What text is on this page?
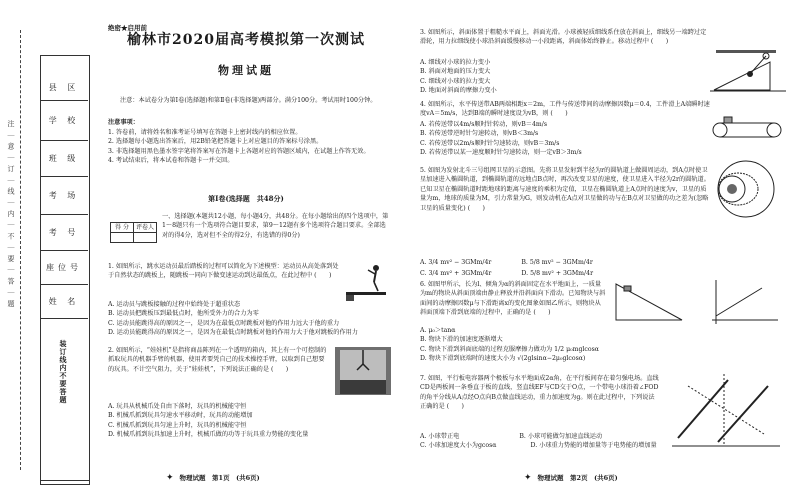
注 ｜ 意 ｜ 订 ｜ 线 ｜ 内 ｜ 不 ｜ 要 ｜ 答 ｜ 题
县 区
学 校
班 级
考 场
考 号
座位号
姓 名
装订线内不要答题
绝密★启用前
榆林市2020届高考模拟第一次测试
物理试题
注意：本试卷分为第Ⅰ卷(选择题)和第Ⅱ卷(非选择题)两部分。满分100分。考试用时100分钟。
注意事项：
1. 答卷前，请将姓名和准考证号填写在答题卡上密封线内的相应位置。
2. 选择题每小题选出答案后，用2B铅笔把答题卡上对应题目的答案标号涂黑。
3. 非选择题用黑色墨水签字笔将答案写在答题卡上各题对应的答题区域内，在试题上作答无效。
4. 考试结束后，将本试卷和答题卡一并交回。
第Ⅰ卷(选择题　共48分)
得 分	评卷人

一、选择题(本题共12小题，每小题4分，共48分。在每小题给出的四个选项中，第1～8题只有一个选项符合题目要求，第9～12题有多个选项符合题目要求。全部选对的得4分，选对但不全的得2分，有选错的得0分)
1. 如图所示，跳水运动员最后踏板的过程可以简化为下述模型：运动员从高处落到处于自然状态的跳板上，随跳板一同向下做变速运动到达最低点，在此过程中 (　　)
A. 运动员与跳板接触的过程中始终处于超重状态
B. 运动员把跳板压到最低点时，他所受外力的合力为零
C. 运动员能跳得高的原因之一，是因为在最低点时跳板对他的作用力远大于他的重力
D. 运动员能跳得高的原因之一，是因为在最低点时跳板对他的作用力大于他对跳板的作用力
2. 如图所示，“娃娃机”是指将商品陈列在一个透明的箱内，其上有一个可控制的抓取玩具的机器手臂的机器，使用者要凭自己的技术操控手臂，以取到自己想要的玩具。不计空气阻力，关于“娃娃机”，下列说法正确的是 (　　)
A. 玩具从机械爪处自由下落时，玩具的机械能守恒
B. 机械爪抓到玩具匀速水平移动时，玩具的动能增加
C. 机械爪抓到玩具匀速上升时，玩具的机械能守恒
D. 机械爪抓到玩具加速上升时，机械爪做的功等于玩具重力势能的变化量
✦ 物理试题　第1页　(共6页)
3. 如图所示，斜面体置于粗糙水平面上，斜面光滑。小球被轻质细线系住放在斜面上，细线另一端跨过定滑轮，用力拉细线使小球沿斜面缓慢移动一小段距离，斜面体始终静止。移动过程中 (　　)
A. 细线对小球的拉力变小
B. 斜面对地面的压力变大
C. 细线对小球的拉力变大
D. 地面对斜面的摩擦力变小
4. 如图所示，水平传送带AB两端相距x＝2m，工件与传送带间的动摩擦因数μ＝0.4，工件滑上A端瞬时速度vA＝5m/s，达到B端的瞬时速度设为vB，则 (　　)
A. 若传送带以4m/s顺时针转动，则vB＝4m/s
B. 若传送带逆时针匀速转动，则vB＜3m/s
C. 若传送带以2m/s顺时针匀速转动，则vB＝3m/s
D. 若传送带以某一速度顺时针匀速转动，则一定vB＞3m/s
5. 如图为发射北斗三号组网卫星的示意图。先将卫星发射到半径为r的圆轨道上做圆周运动，到A点时使卫星加速进入椭圆轨道，到椭圆轨道的远地点B点时，再次改变卫星的速度，使卫星进入半径为2r的圆轨道。已知卫星在椭圆轨道时距地球的距离与速度的乘积为定值，卫星在椭圆轨道上A点时的速度为v，卫星的质量为m，地球的质量为M，引力常量为G，则发动机在A点对卫星做的功与在B点对卫星做的功之差为(忽略卫星的质量变化) (　　)
A. 3/4 mv² − 3GMm/4r	B. 5/8 mv² − 3GMm/4r
C. 3/4 mv² + 3GMm/4r	D. 5/8 mv² + 3GMm/4r
6. 如图甲所示，长为l、倾角为α的斜面固定在水平地面上，一质量为m的物块从斜面顶端由静止释放并沿斜面向下滑动。已知物块与斜面间的动摩擦因数μ与下滑距离x的变化图象如图乙所示，则物块从斜面顶端下滑到底端的过程中，正确的是 (　　)
A. μ₀＞tanα
B. 物块下滑的加速度逐渐增大
C. 物块下滑到斜面底端的过程克服摩擦力做功为 1/2 μ₀mglcosα
D. 物块下滑到底端时的速度大小为 √(2glsinα−2μ₀glcosα)
7. 如图，平行板电容器两个极板与水平地面成2α角，在平行板间存在着匀强电场。直线CD是两板间一条垂直于板的直线，竖直线EF与CD交于O点，一个带电小球沿着∠FOD的角平分线从A点经O点向B点做直线运动，重力加速度为g。则在此过程中，下列说法正确的是 (　　)
A. 小球带正电	B. 小球可能做匀加速直线运动
C. 小球加速度大小为gcosα	D. 小球重力势能的增加量等于电势能的增加量
✦ 物理试题　第2页　(共6页)
